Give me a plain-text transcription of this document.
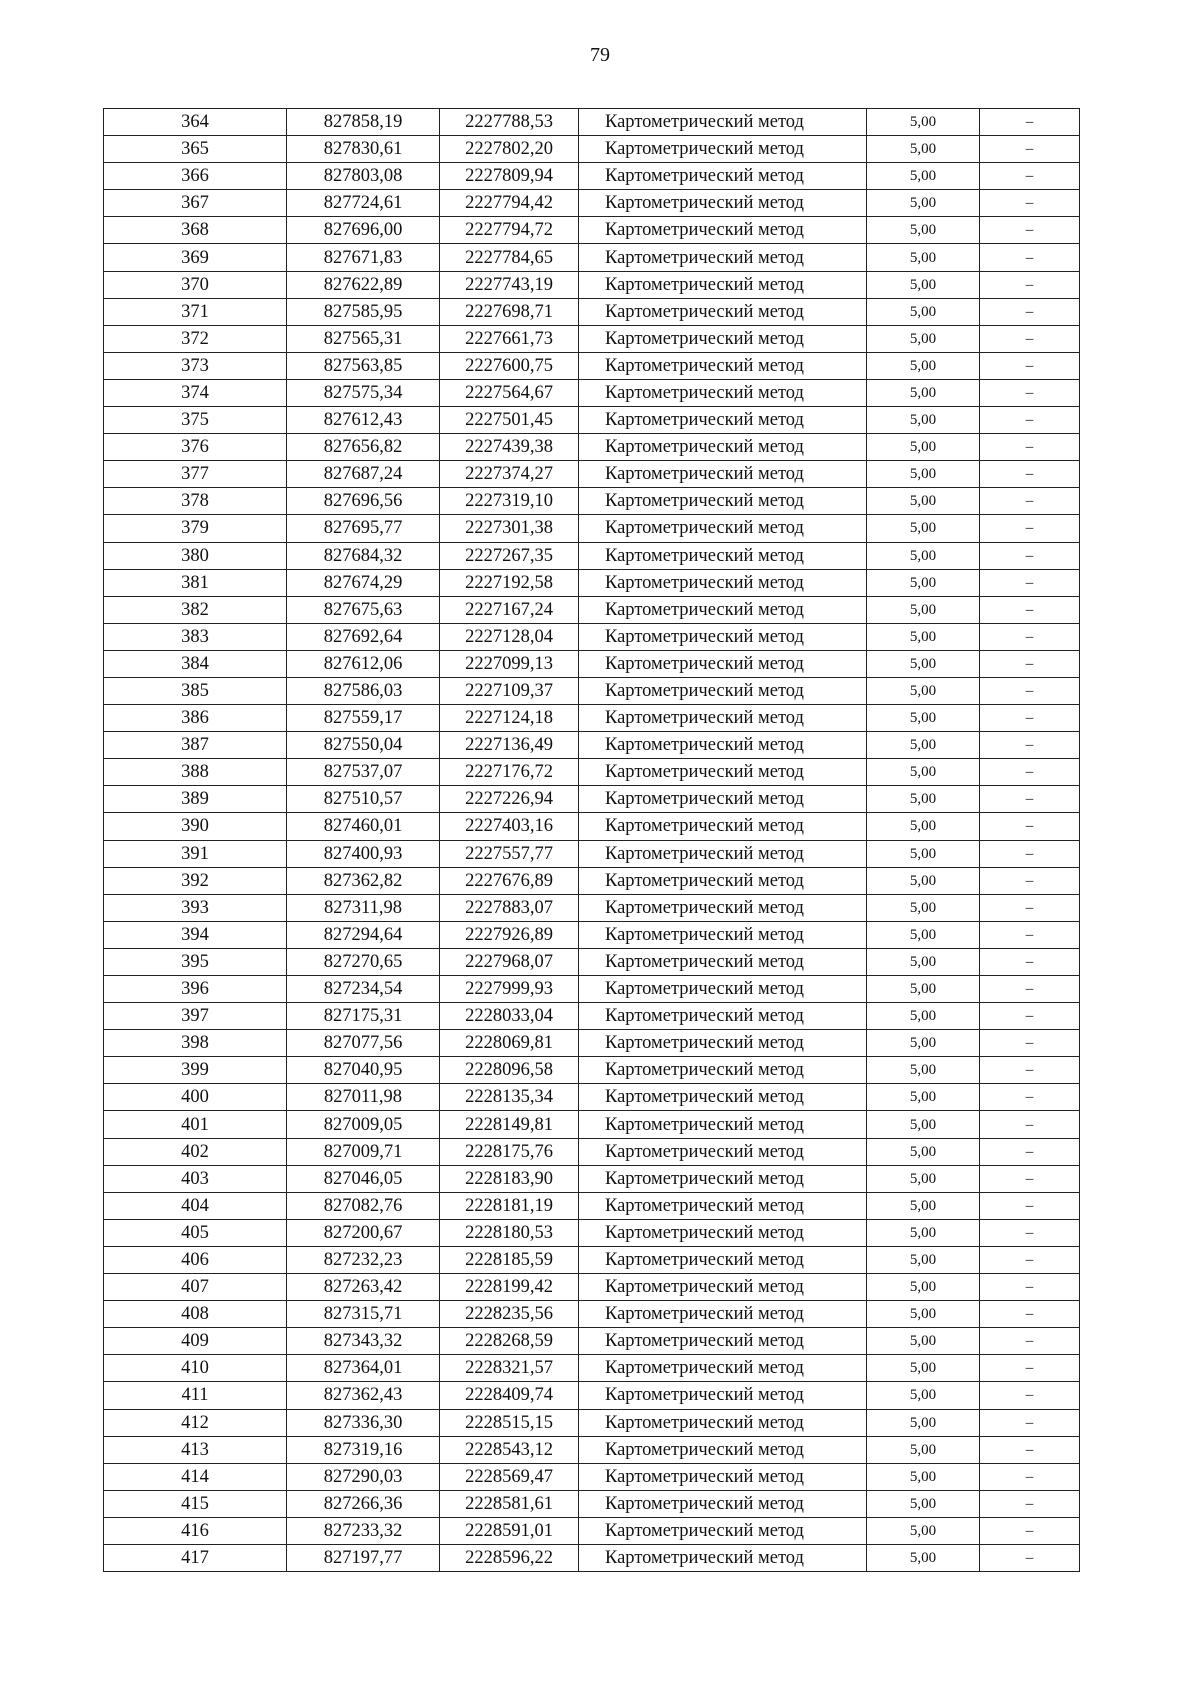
79
364	827858,19	2227788,53	Картометрический метод	5,00	–
365	827830,61	2227802,20	Картометрический метод	5,00	–
366	827803,08	2227809,94	Картометрический метод	5,00	–
367	827724,61	2227794,42	Картометрический метод	5,00	–
368	827696,00	2227794,72	Картометрический метод	5,00	–
369	827671,83	2227784,65	Картометрический метод	5,00	–
370	827622,89	2227743,19	Картометрический метод	5,00	–
371	827585,95	2227698,71	Картометрический метод	5,00	–
372	827565,31	2227661,73	Картометрический метод	5,00	–
373	827563,85	2227600,75	Картометрический метод	5,00	–
374	827575,34	2227564,67	Картометрический метод	5,00	–
375	827612,43	2227501,45	Картометрический метод	5,00	–
376	827656,82	2227439,38	Картометрический метод	5,00	–
377	827687,24	2227374,27	Картометрический метод	5,00	–
378	827696,56	2227319,10	Картометрический метод	5,00	–
379	827695,77	2227301,38	Картометрический метод	5,00	–
380	827684,32	2227267,35	Картометрический метод	5,00	–
381	827674,29	2227192,58	Картометрический метод	5,00	–
382	827675,63	2227167,24	Картометрический метод	5,00	–
383	827692,64	2227128,04	Картометрический метод	5,00	–
384	827612,06	2227099,13	Картометрический метод	5,00	–
385	827586,03	2227109,37	Картометрический метод	5,00	–
386	827559,17	2227124,18	Картометрический метод	5,00	–
387	827550,04	2227136,49	Картометрический метод	5,00	–
388	827537,07	2227176,72	Картометрический метод	5,00	–
389	827510,57	2227226,94	Картометрический метод	5,00	–
390	827460,01	2227403,16	Картометрический метод	5,00	–
391	827400,93	2227557,77	Картометрический метод	5,00	–
392	827362,82	2227676,89	Картометрический метод	5,00	–
393	827311,98	2227883,07	Картометрический метод	5,00	–
394	827294,64	2227926,89	Картометрический метод	5,00	–
395	827270,65	2227968,07	Картометрический метод	5,00	–
396	827234,54	2227999,93	Картометрический метод	5,00	–
397	827175,31	2228033,04	Картометрический метод	5,00	–
398	827077,56	2228069,81	Картометрический метод	5,00	–
399	827040,95	2228096,58	Картометрический метод	5,00	–
400	827011,98	2228135,34	Картометрический метод	5,00	–
401	827009,05	2228149,81	Картометрический метод	5,00	–
402	827009,71	2228175,76	Картометрический метод	5,00	–
403	827046,05	2228183,90	Картометрический метод	5,00	–
404	827082,76	2228181,19	Картометрический метод	5,00	–
405	827200,67	2228180,53	Картометрический метод	5,00	–
406	827232,23	2228185,59	Картометрический метод	5,00	–
407	827263,42	2228199,42	Картометрический метод	5,00	–
408	827315,71	2228235,56	Картометрический метод	5,00	–
409	827343,32	2228268,59	Картометрический метод	5,00	–
410	827364,01	2228321,57	Картометрический метод	5,00	–
411	827362,43	2228409,74	Картометрический метод	5,00	–
412	827336,30	2228515,15	Картометрический метод	5,00	–
413	827319,16	2228543,12	Картометрический метод	5,00	–
414	827290,03	2228569,47	Картометрический метод	5,00	–
415	827266,36	2228581,61	Картометрический метод	5,00	–
416	827233,32	2228591,01	Картометрический метод	5,00	–
417	827197,77	2228596,22	Картометрический метод	5,00	–
